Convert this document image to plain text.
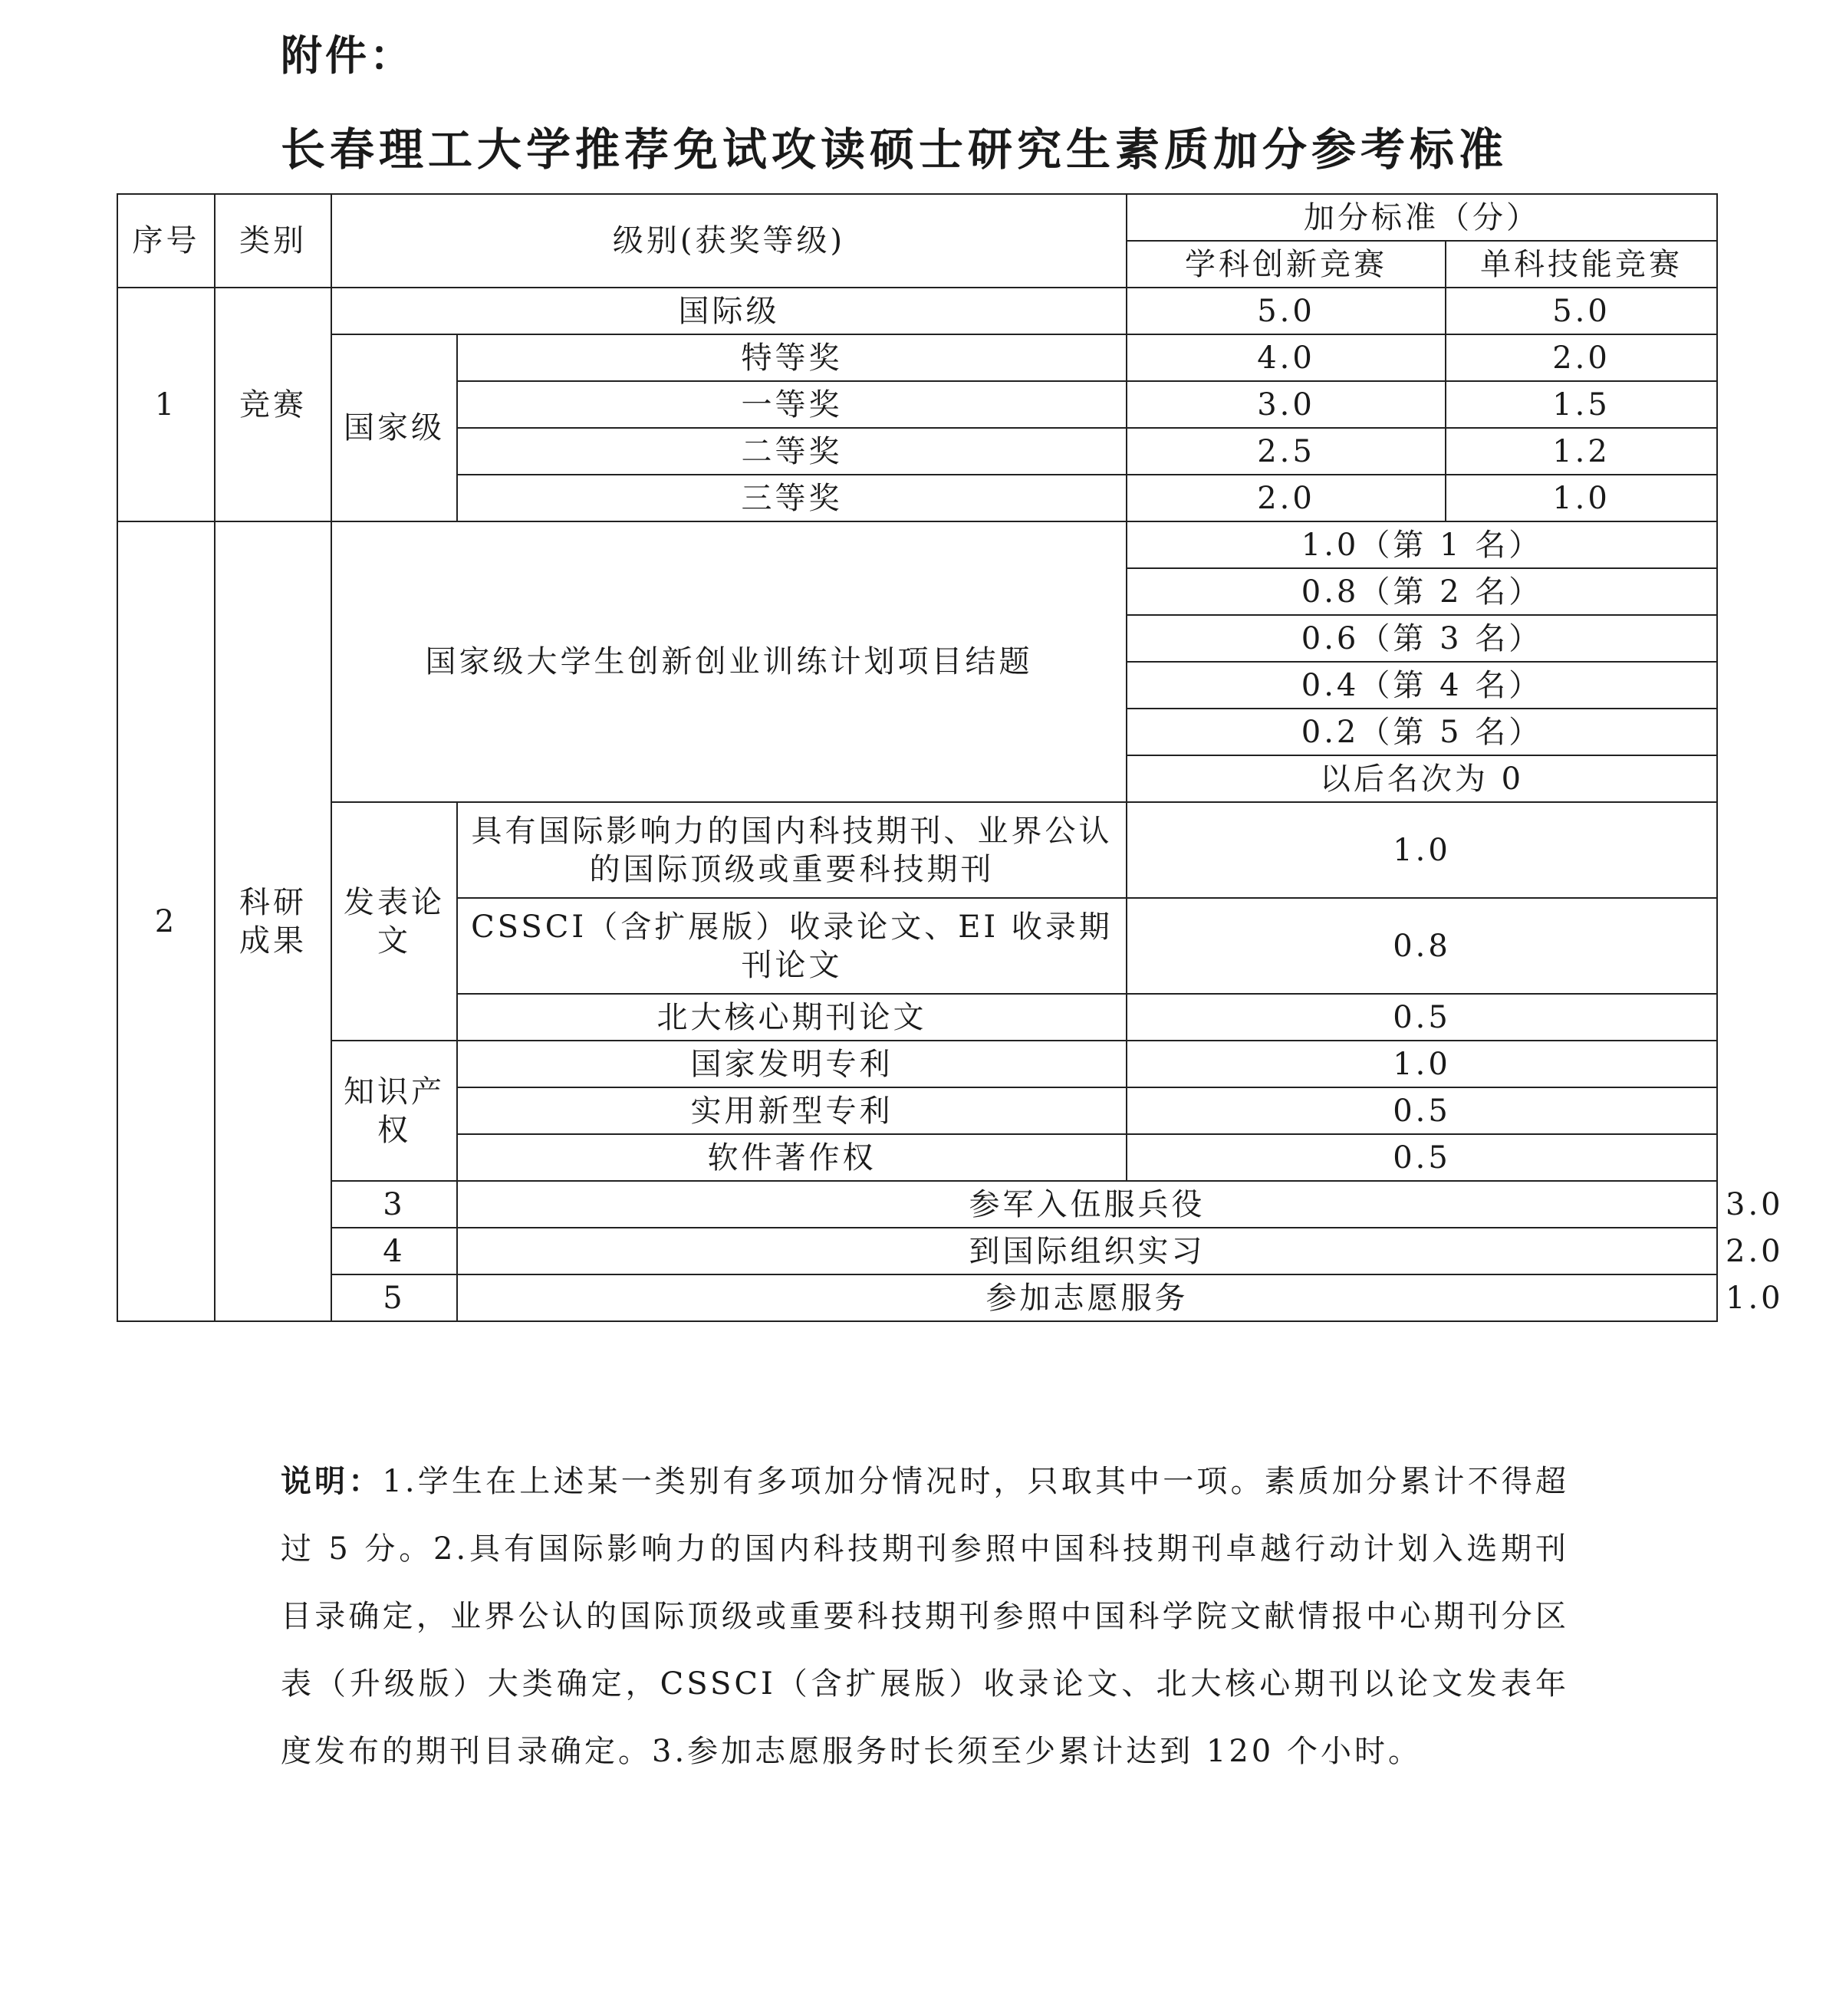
附件：
长春理工大学推荐免试攻读硕士研究生素质加分参考标准
序号	类别	级别(获奖等级)		加分标准（分）		
				学科创新竞赛	单科技能竞赛	
1	竞赛	国际级		5.0	5.0	
		国家级	特等奖	4.0	2.0	
			一等奖	3.0	1.5	
			二等奖	2.5	1.2	
			三等奖	2.0	1.0	
2	科研成果	国家级大学生创新创业训练计划项目结题		1.0（第 1 名）		
				0.8（第 2 名）		
				0.6（第 3 名）		
				0.4（第 4 名）		
				0.2（第 5 名）		
				以后名次为 0		
		发表论文	具有国际影响力的国内科技期刊、业界公认的国际顶级或重要科技期刊	1.0		
			CSSCI（含扩展版）收录论文、EI 收录期刊论文	0.8		
			北大核心期刊论文	0.5		
		知识产权	国家发明专利	1.0		
			实用新型专利	0.5		
			软件著作权	0.5		
		3	参军入伍服兵役			3.0
		4	到国际组织实习			2.0
		5	参加志愿服务			1.0
说明：1.学生在上述某一类别有多项加分情况时，只取其中一项。素质加分累计不得超过 5 分。2.具有国际影响力的国内科技期刊参照中国科技期刊卓越行动计划入选期刊目录确定，业界公认的国际顶级或重要科技期刊参照中国科学院文献情报中心期刊分区表（升级版）大类确定，CSSCI（含扩展版）收录论文、北大核心期刊以论文发表年度发布的期刊目录确定。3.参加志愿服务时长须至少累计达到 120 个小时。
